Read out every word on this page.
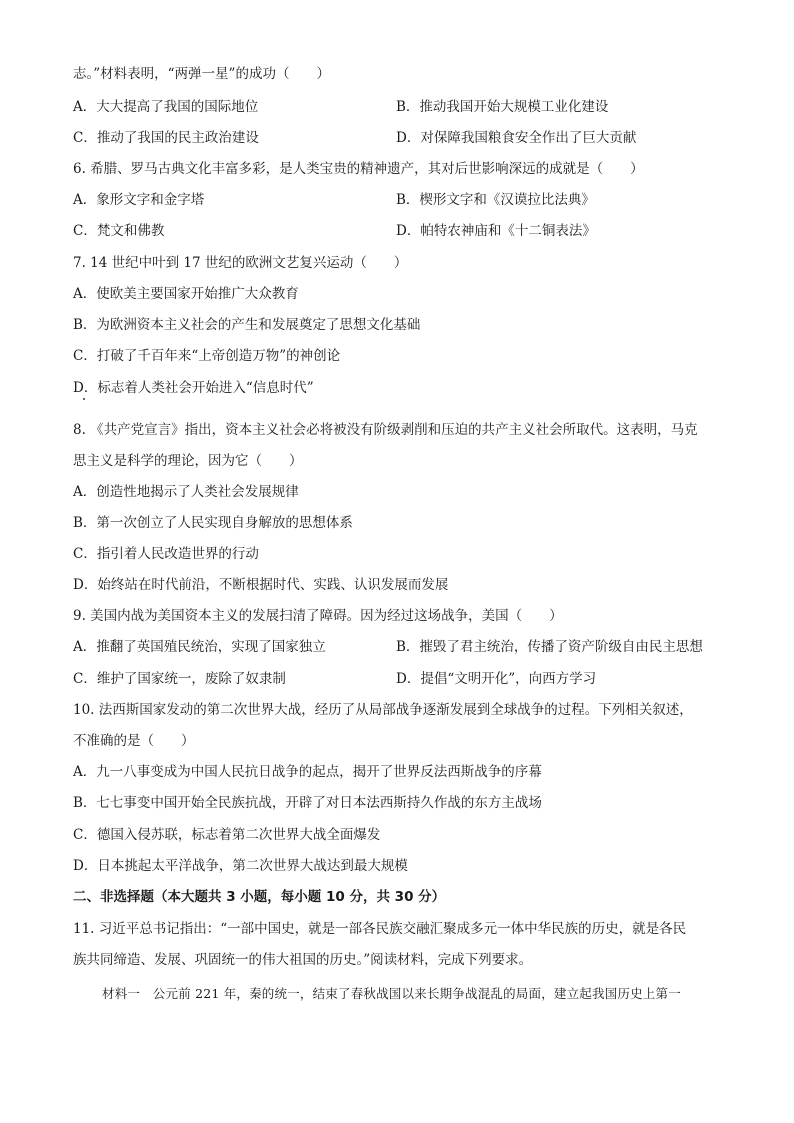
志。”材料表明，“两弹一星”的成功（　　）
A．大大提高了我国的国际地位	B．推动我国开始大规模工业化建设
C．推动了我国的民主政治建设	D．对保障我国粮食安全作出了巨大贡献
6. 希腊、罗马古典文化丰富多彩，是人类宝贵的精神遗产，其对后世影响深远的成就是（　　）
A．象形文字和金字塔	B．楔形文字和《汉谟拉比法典》
C．梵文和佛教	D．帕特农神庙和《十二铜表法》
7. 14 世纪中叶到 17 世纪的欧洲文艺复兴运动（　　）
A．使欧美主要国家开始推广大众教育
B．为欧洲资本主义社会的产生和发展奠定了思想文化基础
C．打破了千百年来“上帝创造万物”的神创论
D．标志着人类社会开始进入“信息时代”
8. 《共产党宣言》指出，资本主义社会必将被没有阶级剥削和压迫的共产主义社会所取代。这表明，马克
思主义是科学的理论，因为它（　　）
A．创造性地揭示了人类社会发展规律
B．第一次创立了人民实现自身解放的思想体系
C．指引着人民改造世界的行动
D．始终站在时代前沿，不断根据时代、实践、认识发展而发展
9. 美国内战为美国资本主义的发展扫清了障碍。因为经过这场战争，美国（　　）
A．推翻了英国殖民统治，实现了国家独立	B．摧毁了君主统治，传播了资产阶级自由民主思想
C．维护了国家统一，废除了奴隶制	D．提倡“文明开化”，向西方学习
10. 法西斯国家发动的第二次世界大战，经历了从局部战争逐渐发展到全球战争的过程。下列相关叙述，
不准确的是（　　）
A．九一八事变成为中国人民抗日战争的起点，揭开了世界反法西斯战争的序幕
B．七七事变中国开始全民族抗战，开辟了对日本法西斯持久作战的东方主战场
C．德国入侵苏联，标志着第二次世界大战全面爆发
D．日本挑起太平洋战争，第二次世界大战达到最大规模
二、非选择题（本大题共 3 小题，每小题 10 分，共 30 分）
11. 习近平总书记指出：“一部中国史，就是一部各民族交融汇聚成多元一体中华民族的历史，就是各民
族共同缔造、发展、巩固统一的伟大祖国的历史。”阅读材料，完成下列要求。
材料一　公元前 221 年，秦的统一，结束了春秋战国以来长期争战混乱的局面，建立起我国历史上第一
